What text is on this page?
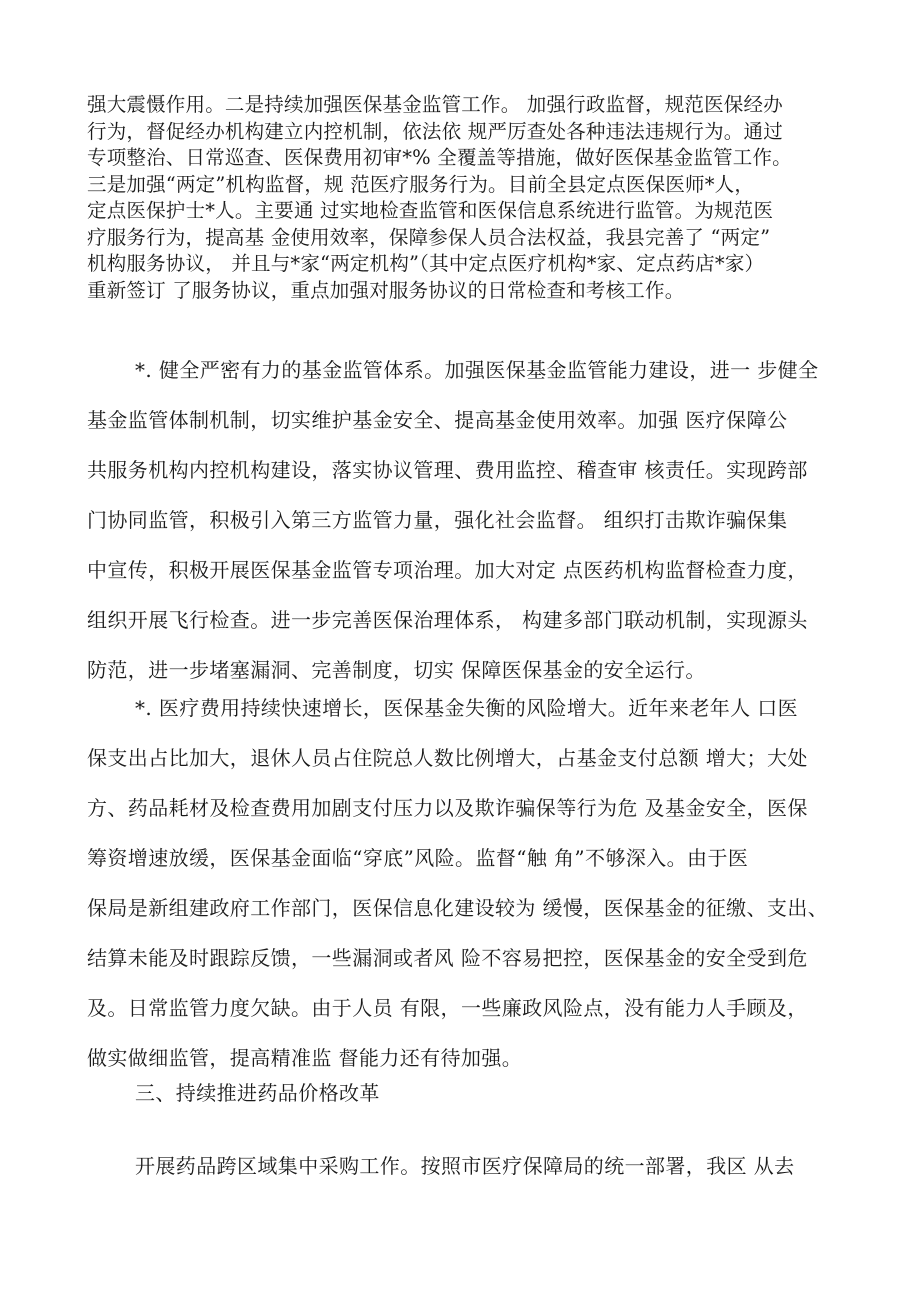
强大震慑作用。二是持续加强医保基金监管工作。 加强行政监督，规范医保经办
行为，督促经办机构建立内控机制，依法依 规严厉查处各种违法违规行为。通过
专项整治、日常巡查、医保费用初审*% 全覆盖等措施，做好医保基金监管工作。
三是加强“两定”机构监督，规 范医疗服务行为。目前全县定点医保医师*人，
定点医保护士*人。主要通 过实地检查监管和医保信息系统进行监管。为规范医
疗服务行为，提高基 金使用效率，保障参保人员合法权益，我县完善了 “两定”
机构服务协议， 并且与*家“两定机构”（其中定点医疗机构*家、定点药店*家）
重新签订 了服务协议，重点加强对服务协议的日常检查和考核工作。
*. 健全严密有力的基金监管体系。加强医保基金监管能力建设，进一 步健全
基金监管体制机制，切实维护基金安全、提高基金使用效率。加强 医疗保障公
共服务机构内控机构建设，落实协议管理、费用监控、稽查审 核责任。实现跨部
门协同监管，积极引入第三方监管力量，强化社会监督。 组织打击欺诈骗保集
中宣传，积极开展医保基金监管专项治理。加大对定 点医药机构监督检查力度，
组织开展飞行检查。进一步完善医保治理体系， 构建多部门联动机制，实现源头
防范，进一步堵塞漏洞、完善制度，切实 保障医保基金的安全运行。
*. 医疗费用持续快速增长，医保基金失衡的风险增大。近年来老年人 口医
保支出占比加大，退休人员占住院总人数比例增大，占基金支付总额 增大；大处
方、药品耗材及检查费用加剧支付压力以及欺诈骗保等行为危 及基金安全，医保
筹资增速放缓，医保基金面临“穿底”风险。监督“触 角”不够深入。由于医
保局是新组建政府工作部门，医保信息化建设较为 缓慢，医保基金的征缴、支出、
结算未能及时跟踪反馈，一些漏洞或者风 险不容易把控，医保基金的安全受到危
及。日常监管力度欠缺。由于人员 有限，一些廉政风险点，没有能力人手顾及，
做实做细监管，提高精准监 督能力还有待加强。
三、持续推进药品价格改革
开展药品跨区域集中采购工作。按照市医疗保障局的统一部署，我区 从去
